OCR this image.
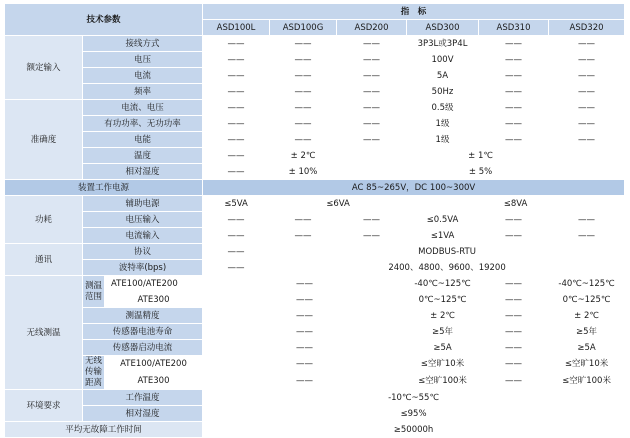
技术参数			指　标					
			ASD100L	ASD100G	ASD200	ASD300	ASD310	ASD320
额定输入	接线方式		——	——	——	3P3L或3P4L	——	——
	电压		——	——	——	100V	——	——
	电流		——	——	——	5A	——	——
	频率		——	——	——	50Hz	——	——
准确度	电流、电压		——	——	——	0.5级	——	——
	有功功率、无功功率		——	——	——	1级	——	——
	电能		——	——	——	1级	——	——
	温度		——	± 2℃	± 1℃			
	相对湿度		——	± 10%	± 5%			
装置工作电源			AC 85~265V，DC 100~300V					
功耗	辅助电源		≤5VA	≤6VA		≤8VA		
	电压输入		——	——	——	≤0.5VA	——	——
	电流输入		——	——	——	≤1VA	——	——
通讯	协议		——	MODBUS-RTU				
	波特率(bps)		——	2400、4800、9600、19200				
无线测温	测温范围	ATE100/ATE200	——			-40℃~125℃	——	-40℃~125℃
		ATE300	——			0℃~125℃	——	0℃~125℃
	测温精度		——			± 2℃	——	± 2℃
	传感器电池寿命		——			≥5年	——	≥5年
	传感器启动电流		——			≥5A	——	≥5A
	无线传输距离	ATE100/ATE200	——			≤空旷10米	——	≤空旷10米
		ATE300	——			≤空旷100米	——	≤空旷100米
环境要求	工作温度		-10℃~55℃					
	相对湿度		≤95%					
平均无故障工作时间			≥50000h					
